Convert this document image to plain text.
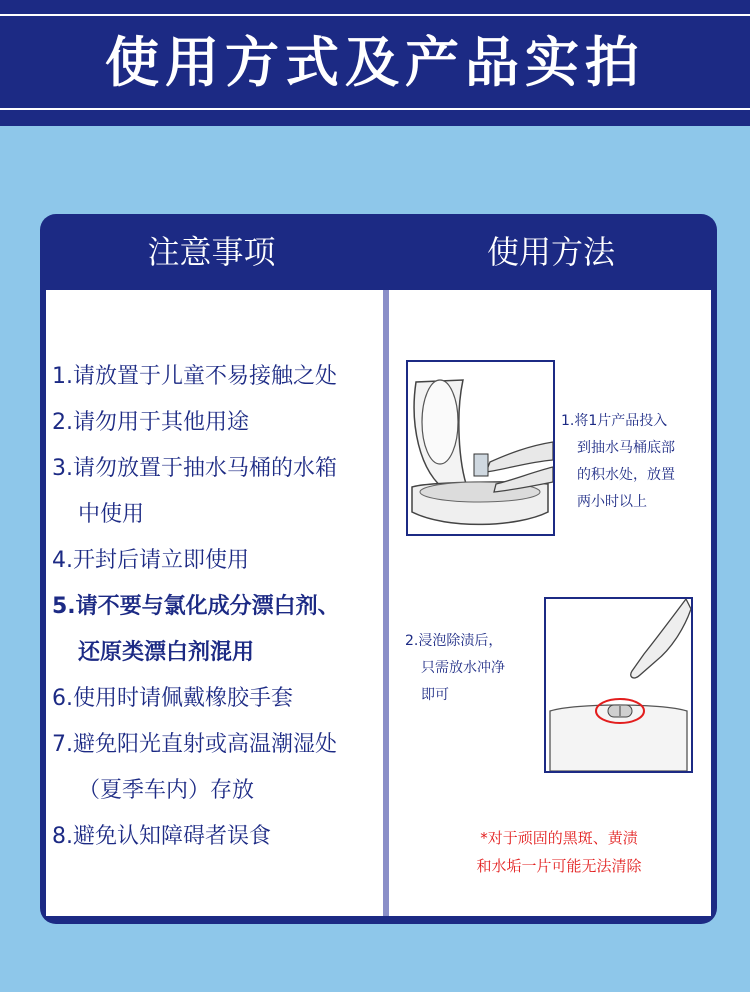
使用方式及产品实拍
注意事项	使用方法
1.请放置于儿童不易接触之处
2.请勿用于其他用途
3.请勿放置于抽水马桶的水箱
中使用
4.开封后请立即使用
5.请不要与氯化成分漂白剂、
还原类漂白剂混用
6.使用时请佩戴橡胶手套
7.避免阳光直射或高温潮湿处
（夏季车内）存放
8.避免认知障碍者误食
1.将1片产品投入
到抽水马桶底部
的积水处，放置
两小时以上
2.浸泡除渍后，
只需放水冲净
即可
*对于顽固的黑斑、黄渍
和水垢一片可能无法清除
